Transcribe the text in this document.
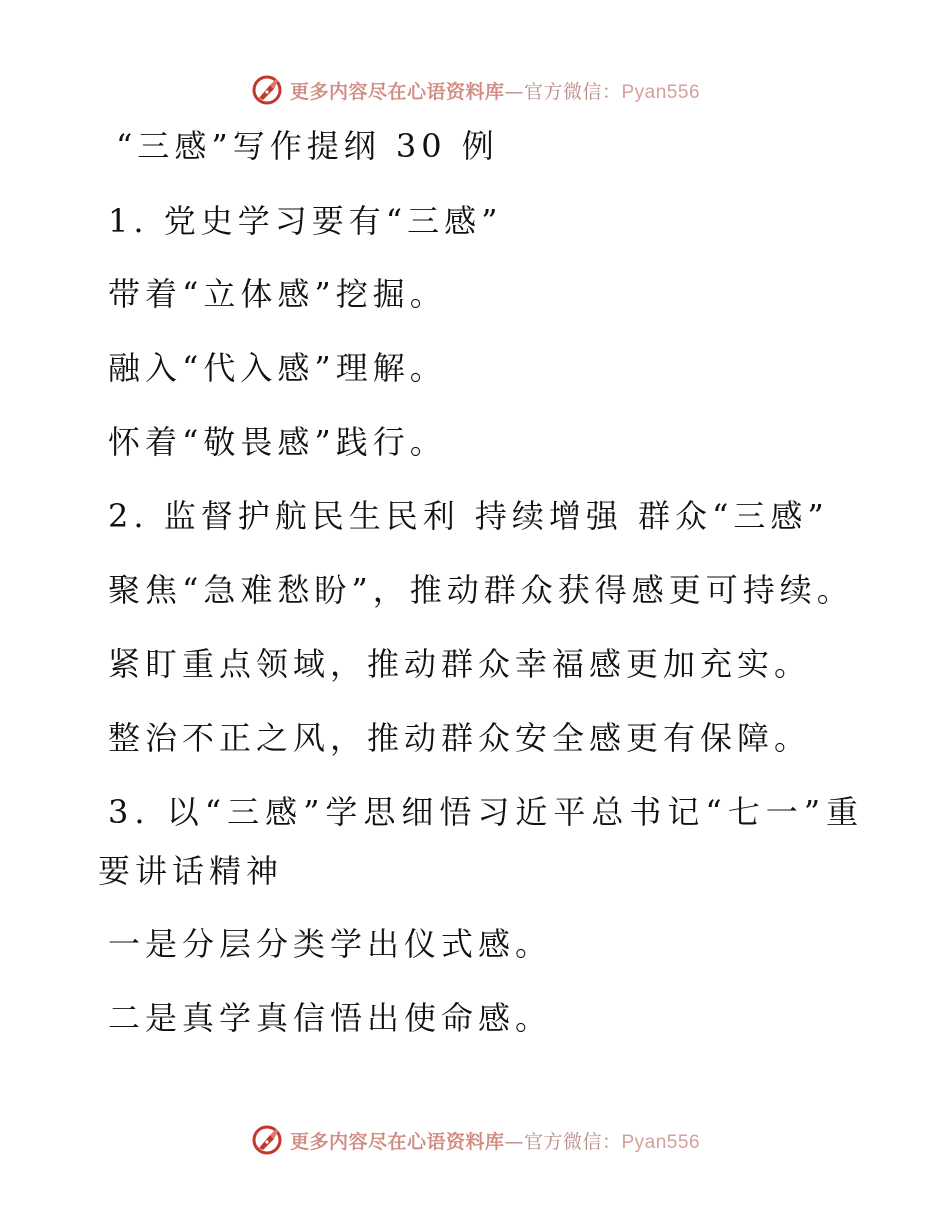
更多内容尽在心语资料库—官方微信：Pyan556
“三感”写作提纲 30 例
1. 党史学习要有“三感”
带着“立体感”挖掘。
融入“代入感”理解。
怀着“敬畏感”践行。
2. 监督护航民生民利 持续增强 群众“三感”
聚焦“急难愁盼”，推动群众获得感更可持续。
紧盯重点领域，推动群众幸福感更加充实。
整治不正之风，推动群众安全感更有保障。
3. 以“三感”学思细悟习近平总书记“七一”重
要讲话精神
一是分层分类学出仪式感。
二是真学真信悟出使命感。
更多内容尽在心语资料库—官方微信：Pyan556
